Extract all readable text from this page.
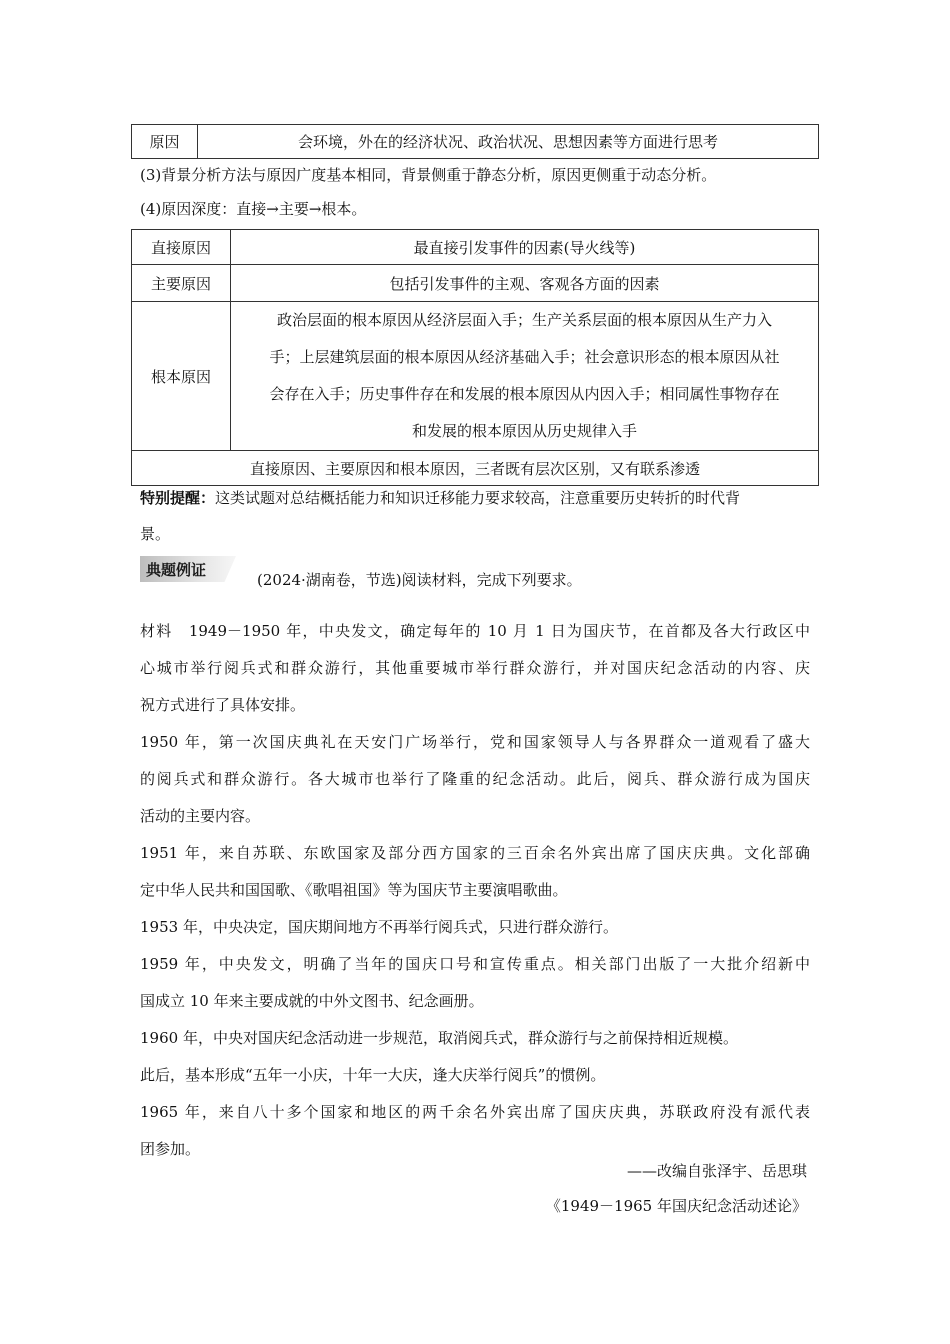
原因	会环境，外在的经济状况、政治状况、思想因素等方面进行思考
(3)背景分析方法与原因广度基本相同，背景侧重于静态分析，原因更侧重于动态分析。
(4)原因深度：直接→主要→根本。
直接原因	最直接引发事件的因素(导火线等)
主要原因	包括引发事件的主观、客观各方面的因素
根本原因	政治层面的根本原因从经济层面入手；生产关系层面的根本原因从生产力入
手；上层建筑层面的根本原因从经济基础入手；社会意识形态的根本原因从社
会存在入手；历史事件存在和发展的根本原因从内因入手；相同属性事物存在
和发展的根本原因从历史规律入手

直接原因、主要原因和根本原因，三者既有层次区别，又有联系渗透	
特别提醒：这类试题对总结概括能力和知识迁移能力要求较高，注意重要历史转折的时代背
景。
典题例证
(2024·湖南卷，节选)阅读材料，完成下列要求。
材料　1949－1950 年，中央发文，确定每年的 10 月 1 日为国庆节，在首都及各大行政区中
心城市举行阅兵式和群众游行，其他重要城市举行群众游行，并对国庆纪念活动的内容、庆
祝方式进行了具体安排。
1950 年，第一次国庆典礼在天安门广场举行，党和国家领导人与各界群众一道观看了盛大
的阅兵式和群众游行。各大城市也举行了隆重的纪念活动。此后，阅兵、群众游行成为国庆
活动的主要内容。
1951 年，来自苏联、东欧国家及部分西方国家的三百余名外宾出席了国庆庆典。文化部确
定中华人民共和国国歌、《歌唱祖国》等为国庆节主要演唱歌曲。
1953 年，中央决定，国庆期间地方不再举行阅兵式，只进行群众游行。
1959 年，中央发文，明确了当年的国庆口号和宣传重点。相关部门出版了一大批介绍新中
国成立 10 年来主要成就的中外文图书、纪念画册。
1960 年，中央对国庆纪念活动进一步规范，取消阅兵式，群众游行与之前保持相近规模。
此后，基本形成“五年一小庆，十年一大庆，逢大庆举行阅兵”的惯例。
1965 年，来自八十多个国家和地区的两千余名外宾出席了国庆庆典，苏联政府没有派代表
团参加。
——改编自张泽宇、岳思琪
《1949－1965 年国庆纪念活动述论》
